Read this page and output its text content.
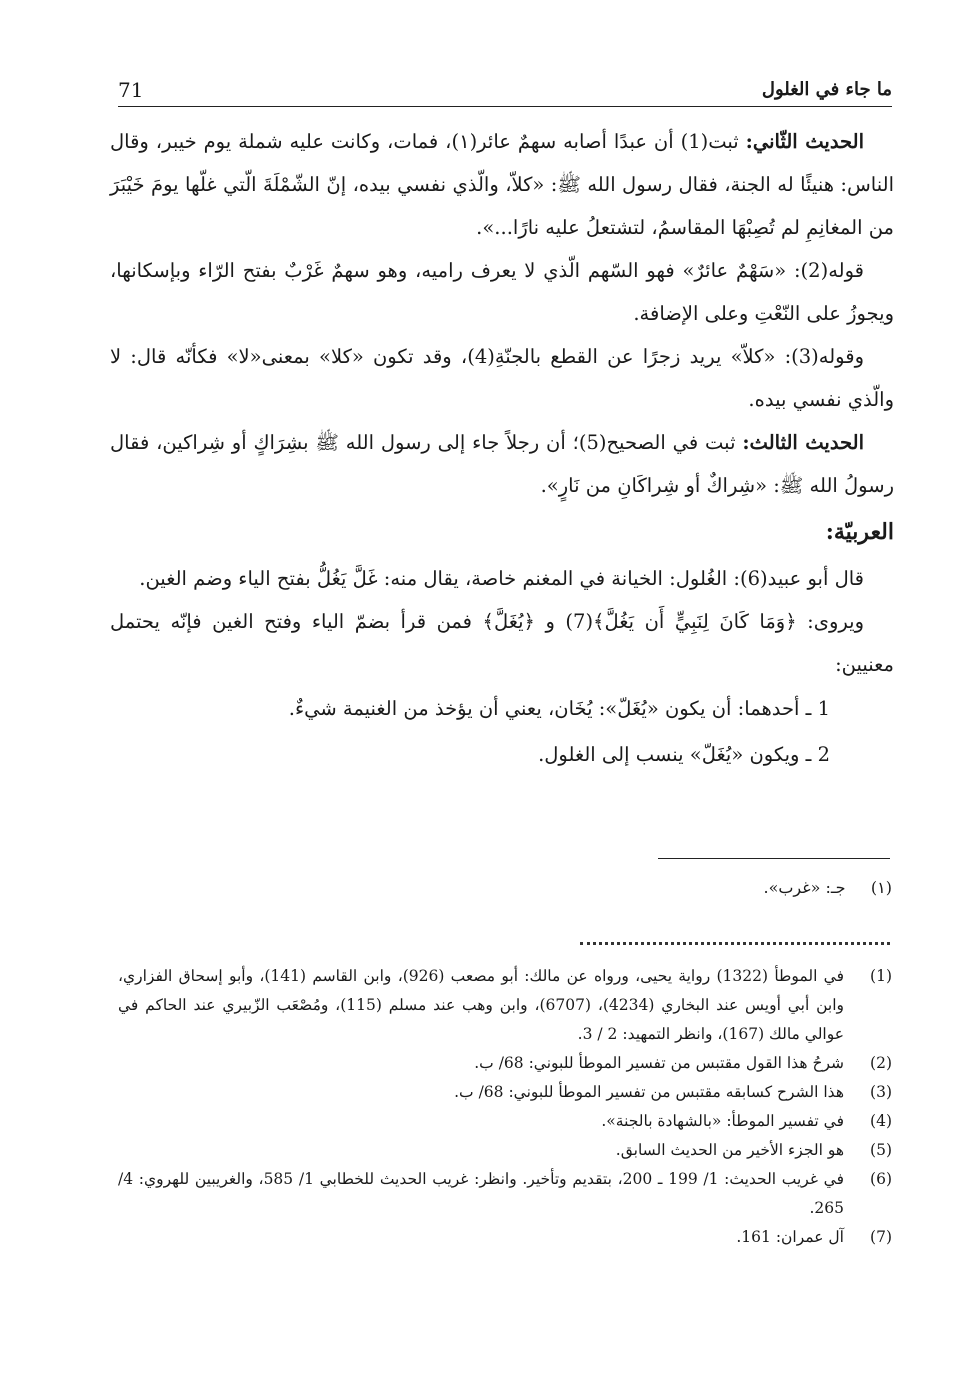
ما جاء في الغلول
71

الحديث الثّاني: ثبت(1) أن عبدًا أصابه سهمٌ عائر(١)، فمات، وكانت عليه شملة يوم خيبر، وقال الناس: هنيئًا له الجنة، فقال رسول الله ﷺ: «كلاّ، والّذي نفسي بيده، إنّ الشّمْلَةَ الّتي غلّها يومَ خَيْبَرَ من المغانِمِ لم تُصِبْهَا المقاسمُ، لتشتعلُ عليه نارًا...».

قوله(2): «سَهْمٌ عائرٌ» فهو السّهم الّذي لا يعرف راميه، وهو سهمٌ غَرْبٌ بفتح الرّاء وبإسكانها، ويجوزُ على النّعْتِ وعلى الإضافة.

وقوله(3): «كلاّ» يريد زجرًا عن القطع بالجنّةِ(4)، وقد تكون «كلا» بمعنى«لا» فكأنّه قال: لا والّذي نفسي بيده.

الحديث الثالث: ثبت في الصحيح(5)؛ أن رجلاً جاء إلى رسول الله ﷺ بشِرَاكٍ أو شِراكين، فقال رسولُ الله ﷺ: «شِراكٌ أو شِراكَانِ من نَارٍ».

العربيّة:

قال أبو عبيد(6): الغُلول: الخيانة في المغنم خاصة، يقال منه: غَلَّ يَغُلُّ بفتح الياء وضم الغين.

ويروى: ﴿وَمَا كَانَ لِنَبِيٍّ أَن يَغُلَّ﴾(7) و ﴿يُغَلَّ﴾ فمن قرأ بضمّ الياء وفتح الغين فإنّه يحتمل معنيين:

1 ـ أحدهما: أن يكون «يُغَلّ»: يُخَان، يعني أن يؤخذ من الغنيمة شيءٌ.

2 ـ ويكون «يُغَلّ» ينسب إلى الغلول.

(١)     جـ: «غرب».
(1)
في الموطأ (1322) رواية يحيى، ورواه عن مالك: أبو مصعب (926)، وابن القاسم (141)، وأبو إسحاق الفزاري، وابن أبي أويس عند البخاري (4234)، (6707)، وابن وهب عند مسلم (115)، ومُصْعَب الزّبيري عند الحاكم في عوالي مالك (167)، وانظر التمهيد: 2 / 3.
(2)
شرحُ هذا القول مقتبس من تفسير الموطأ للبوني: 68/ ب.
(3)
هذا الشرح كسابقه مقتبس من تفسير الموطأ للبوني: 68/ ب.
(4)
في تفسير الموطأ: «بالشهادة بالجنة».
(5)
هو الجزء الأخير من الحديث السابق.
(6)
في غريب الحديث: 1/ 199 ـ 200، بتقديم وتأخير. وانظر: غريب الحديث للخطابي 1/ 585، والغريبين للهروي: 4/ 265.
(7)
آل عمران: 161.
